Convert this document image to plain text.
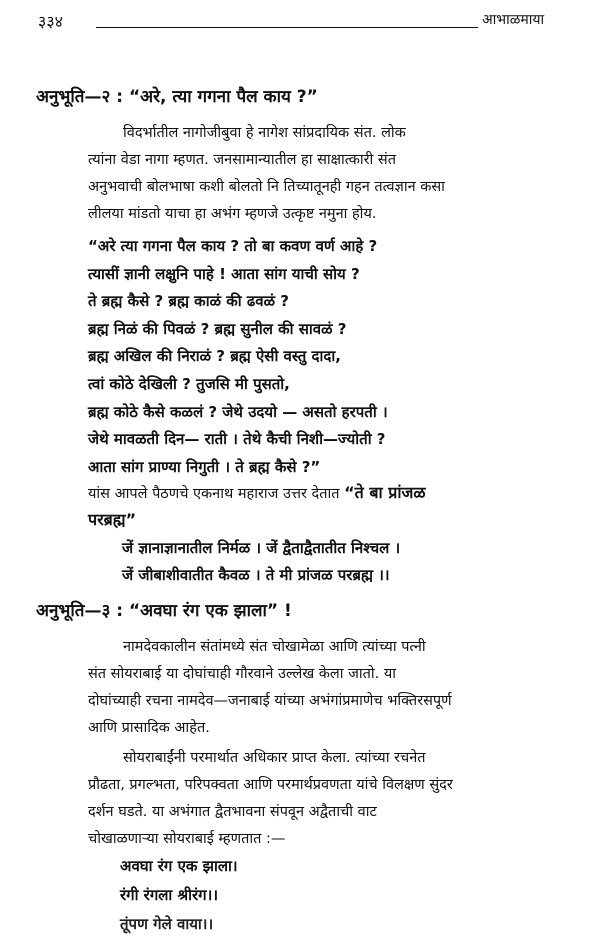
३३४	आभाळमाया
अनुभूति—२ : “अरे, त्या गगना पैल काय ?”
विदर्भातील नागोजीबुवा हे नागेश सांप्रदायिक संत. लोक
त्यांना वेडा नागा म्हणत. जनसामान्यातील हा साक्षात्कारी संत
अनुभवाची बोलभाषा कशी बोलतो नि तिच्यातूनही गहन तत्वज्ञान कसा
लीलया मांडतो याचा हा अभंग म्हणजे उत्कृष्ट नमुना होय.
“अरे त्या गगना पैल काय ? तो बा कवण वर्ण आहे ?
त्यासीं ज्ञानी लक्षुनि पाहे ! आता सांग याची सोय ?
ते ब्रह्म कैसे ? ब्रह्म काळं की ढवळं ?
ब्रह्म निळं की पिवळं ? ब्रह्म सुनील की सावळं ?
ब्रह्म अखिल की निराळं ? ब्रह्म ऐसी वस्तु दादा,
त्वां कोठे देखिली ? तुजसि मी पुसतो,
ब्रह्म कोठे कैसे कळलं ? जेथे उदयो — असतो हरपती ।
जेथे मावळती दिन— राती । तेथे कैची निशी—ज्योती ?
आता सांग प्राण्या निगुती । ते ब्रह्म कैसे ?”
यांस आपले पैठणचे एकनाथ महाराज उत्तर देतात “ते बा प्रांजळ
परब्रह्म”
जें ज्ञानाज्ञानातील निर्मळ । जें द्वैताद्वैतातीत निश्चल ।
जें जीबाशीवातीत कैवळ । ते मी प्रांजळ परब्रह्म ।।
अनुभूति—३ : “अवघा रंग एक झाला” !
नामदेवकालीन संतांमध्ये संत चोखामेळा आणि त्यांच्या पत्नी
संत सोयराबाई या दोघांचाही गौरवाने उल्लेख केला जातो. या
दोघांच्याही रचना नामदेव—जनाबाई यांच्या अभंगांप्रमाणेच भक्तिरसपूर्ण
आणि प्रासादिक आहेत.
सोयराबाईंनी परमार्थात अधिकार प्राप्त केला. त्यांच्या रचनेत
प्रौढता, प्रगल्भता, परिपक्वता आणि परमार्थप्रवणता यांचे विलक्षण सुंदर
दर्शन घडते. या अभंगात द्वैतभावना संपवून अद्वैताची वाट
चोखाळणाऱ्या सोयराबाई म्हणतात :—
अवघा रंग एक झाला।
रंगी रंगला श्रीरंग।।
तूंपण गेले वाया।।
